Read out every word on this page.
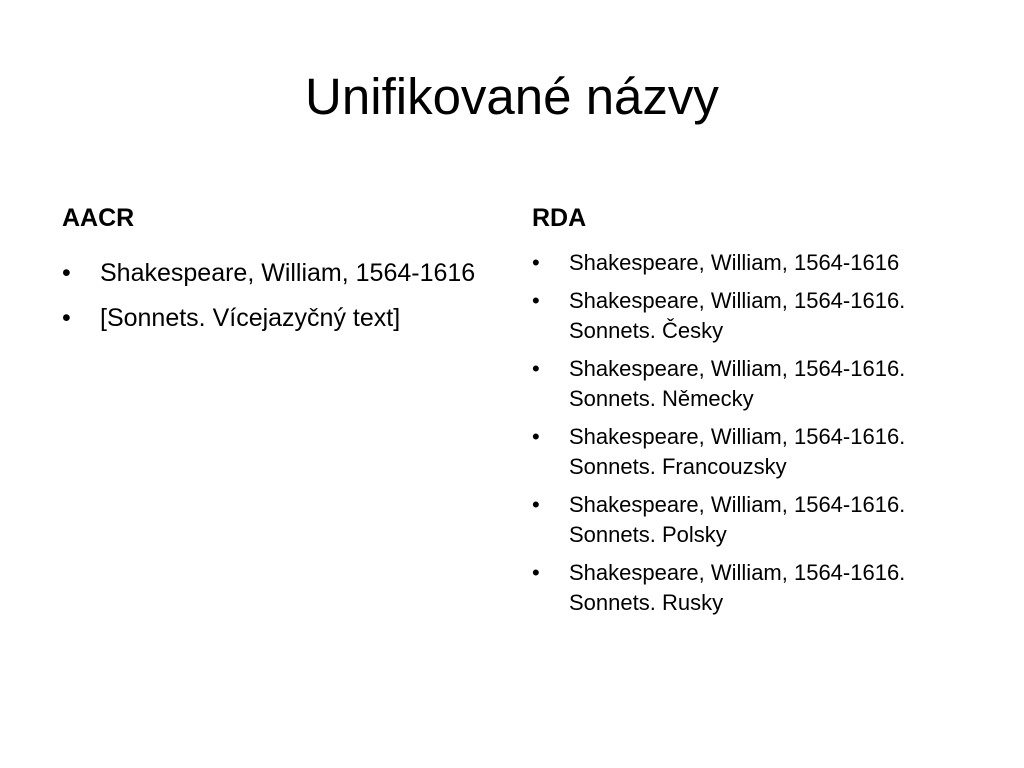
Unifikované názvy
AACR
• Shakespeare, William, 1564-1616
• [Sonnets. Vícejazyčný text]
RDA
• Shakespeare, William, 1564-1616
• Shakespeare, William, 1564-1616. Sonnets. Česky
• Shakespeare, William, 1564-1616. Sonnets. Německy
• Shakespeare, William, 1564-1616. Sonnets. Francouzsky
• Shakespeare, William, 1564-1616. Sonnets. Polsky
• Shakespeare, William, 1564-1616. Sonnets. Rusky
